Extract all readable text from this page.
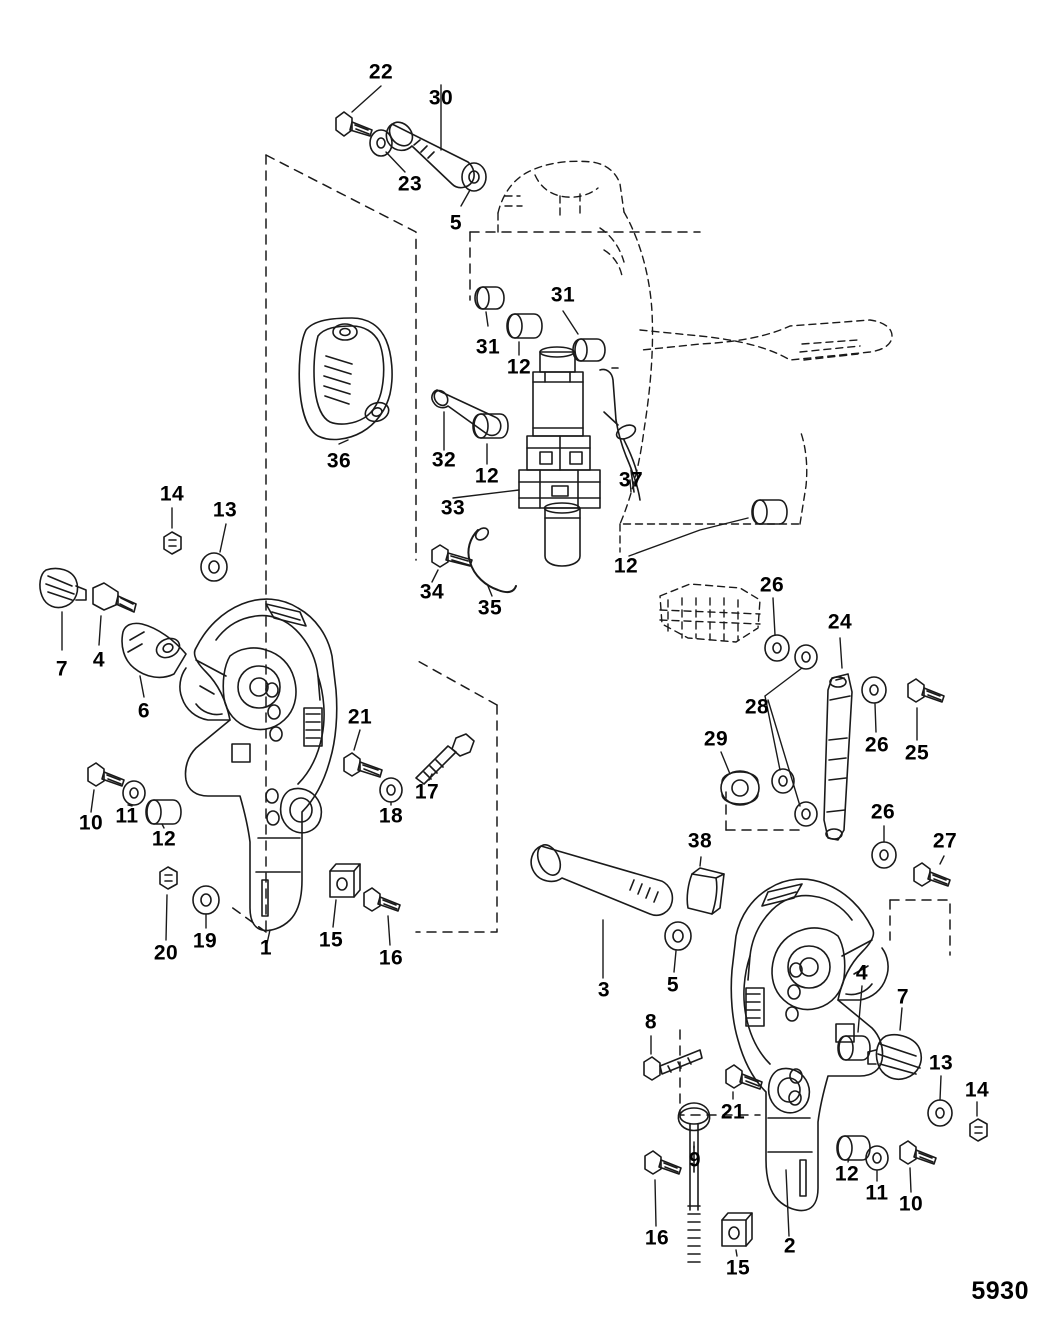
22
30
23
5
31
31
12
36	32
12
33
37
12
34
35
14
13
7 4
6
26
24
28
26 25
29
26
27
21
17
18
10 11
12
19
20	1 15
16
3
38
5
4
7
13
14
8
21
9
12
11 10
2
16
15
5930
